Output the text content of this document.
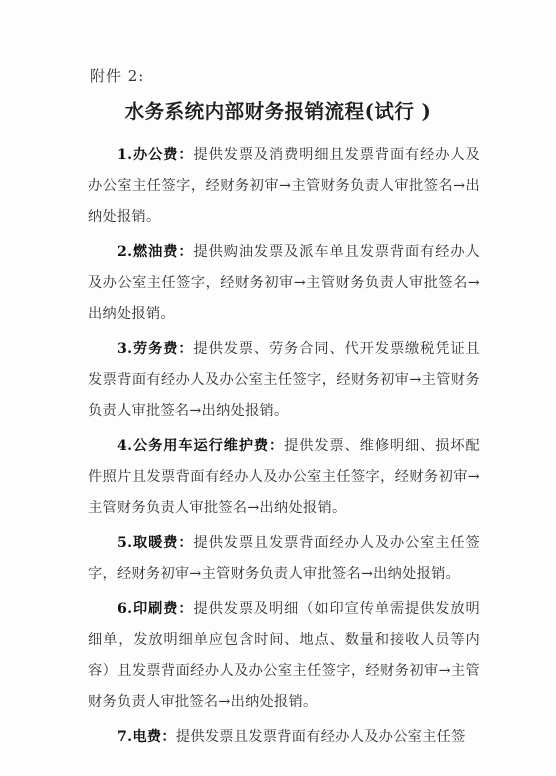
附件 2:
水务系统内部财务报销流程(试行 )

1.办公费：提供发票及消费明细且发票背面有经办人及办公室主任签字，经财务初审→主管财务负责人审批签名→出纳处报销。

2.燃油费：提供购油发票及派车单且发票背面有经办人及办公室主任签字，经财务初审→主管财务负责人审批签名→出纳处报销。

3.劳务费：提供发票、劳务合同、代开发票缴税凭证且发票背面有经办人及办公室主任签字，经财务初审→主管财务负责人审批签名→出纳处报销。

4.公务用车运行维护费：提供发票、维修明细、损坏配件照片且发票背面有经办人及办公室主任签字，经财务初审→主管财务负责人审批签名→出纳处报销。

5.取暖费：提供发票且发票背面经办人及办公室主任签字，经财务初审→主管财务负责人审批签名→出纳处报销。

6.印刷费：提供发票及明细（如印宣传单需提供发放明细单，发放明细单应包含时间、地点、数量和接收人员等内容）且发票背面经办人及办公室主任签字，经财务初审→主管财务负责人审批签名→出纳处报销。

7.电费：提供发票且发票背面有经办人及办公室主任签
